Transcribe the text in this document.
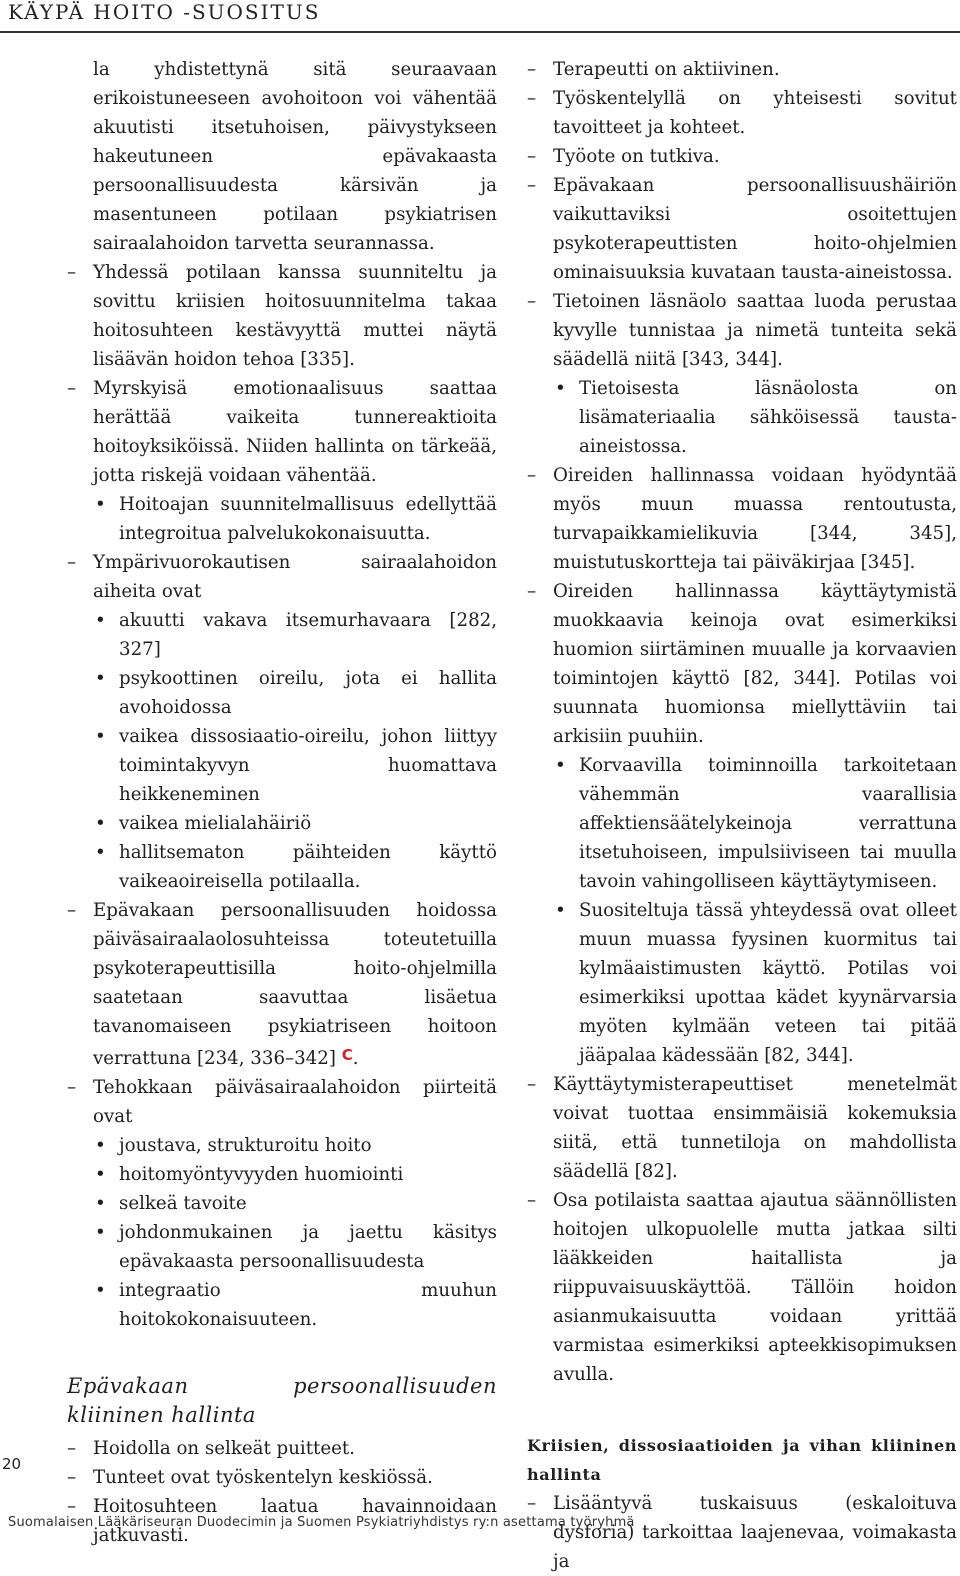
KÄYPÄ HOITO -SUOSITUS

la yhdistettynä sitä seuraavaan erikoistuneeseen avohoitoon voi vähentää akuutisti itsetuhoisen, päivystykseen hakeutuneen epävakaasta persoonallisuudesta kärsivän ja masentuneen potilaan psykiatrisen sairaalahoidon tarvetta seurannassa.

– Yhdessä potilaan kanssa suunniteltu ja sovittu kriisien hoitosuunnitelma takaa hoitosuhteen kestävyyttä muttei näytä lisäävän hoidon tehoa [335].
– Myrskyisä emotionaalisuus saattaa herättää vaikeita tunnereaktioita hoitoyksiköissä. Niiden hallinta on tärkeää, jotta riskejä voidaan vähentää.
• Hoitoajan suunnitelmallisuus edellyttää integroitua palvelukokonaisuutta.
– Ympärivuorokautisen sairaalahoidon aiheita ovat
• akuutti vakava itsemurhavaara [282, 327]
• psykoottinen oireilu, jota ei hallita avohoidossa
• vaikea dissosiaatio-oireilu, johon liittyy toimintakyvyn huomattava heikkeneminen
• vaikea mielialahäiriö
• hallitsematon päihteiden käyttö vaikeaoireisella potilaalla.
– Epävakaan persoonallisuuden hoidossa päiväsairaalaolosuhteissa toteutetuilla psykoterapeuttisilla hoito-ohjelmilla saatetaan saavuttaa lisäetua tavanomaiseen psykiatriseen hoitoon verrattuna [234, 336–342] $^C$.
– Tehokkaan päiväsairaalahoidon piirteitä ovat
• joustava, strukturoitu hoito
• hoitomyöntyvyyden huomiointi
• selkeä tavoite
• johdonmukainen ja jaettu käsitys epävakaasta persoonallisuudesta
• integraatio muuhun hoitokokonaisuuteen.
Epävakaan persoonallisuuden kliininen hallinta
– Hoidolla on selkeät puitteet.
– Tunteet ovat työskentelyn keskiössä.
– Hoitosuhteen laatua havainnoidaan jatkuvasti.
– Terapeutti on aktiivinen.
– Työskentelyllä on yhteisesti sovitut tavoitteet ja kohteet.
– Työote on tutkiva.
– Epävakaan persoonallisuushäiriön vaikuttaviksi osoitettujen psykoterapeuttisten hoito-ohjelmien ominaisuuksia kuvataan tausta-aineistossa.
– Tietoinen läsnäolo saattaa luoda perustaa kyvylle tunnistaa ja nimetä tunteita sekä säädellä niitä [343, 344].
• Tietoisesta läsnäolosta on lisämateriaalia sähköisessä tausta-aineistossa.
– Oireiden hallinnassa voidaan hyödyntää myös muun muassa rentoutusta, turvapaikkamielikuvia [344, 345], muistutuskortteja tai päiväkirjaa [345].
– Oireiden hallinnassa käyttäytymistä muokkaavia keinoja ovat esimerkiksi huomion siirtäminen muualle ja korvaavien toimintojen käyttö [82, 344]. Potilas voi suunnata huomionsa miellyttäviin tai arkisiin puuhiin.
• Korvaavilla toiminnoilla tarkoitetaan vähemmän vaarallisia affektiensäätelykeinoja verrattuna itsetuhoiseen, impulsiiviseen tai muulla tavoin vahingolliseen käyttäytymiseen.
• Suositeltuja tässä yhteydessä ovat olleet muun muassa fyysinen kuormitus tai kylmäaistimusten käyttö. Potilas voi esimerkiksi upottaa kädet kyynärvarsia myöten kylmään veteen tai pitää jääpalaa kädessään [82, 344].
– Käyttäytymisterapeuttiset menetelmät voivat tuottaa ensimmäisiä kokemuksia siitä, että tunnetiloja on mahdollista säädellä [82].
– Osa potilaista saattaa ajautua säännöllisten hoitojen ulkopuolelle mutta jatkaa silti lääkkeiden haitallista ja riippuvaisuuskäyttöä. Tällöin hoidon asianmukaisuutta voidaan yrittää varmistaa esimerkiksi apteekkisopimuksen avulla.
Kriisien, dissosiaatioiden ja vihan kliininen hallinta
– Lisääntyvä tuskaisuus (eskaloituva dysforia) tarkoittaa laajenevaa, voimakasta ja
20
Suomalaisen Lääkäriseuran Duodecimin ja Suomen Psykiatriyhdistys ry:n asettama työryhmä
